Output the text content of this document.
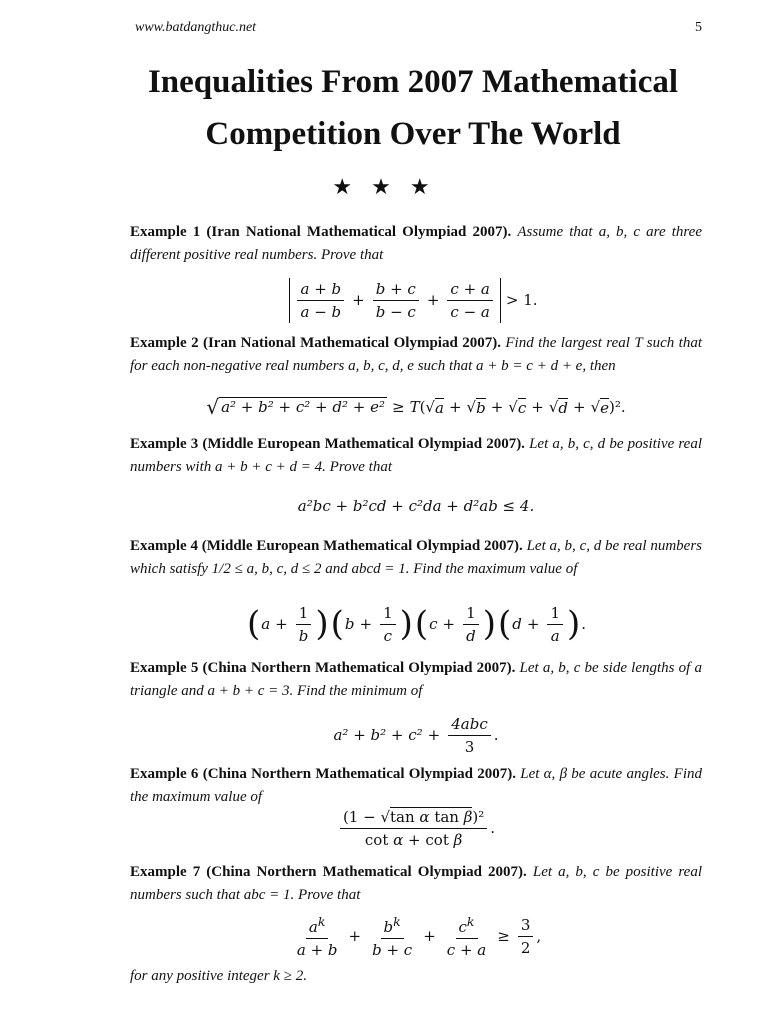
www.batdangthuc.net	5
Inequalities From 2007 Mathematical Competition Over The World
★ ★ ★
Example 1 (Iran National Mathematical Olympiad 2007). Assume that a, b, c are three different positive real numbers. Prove that
$\frac{a + b}{a - b} + \frac{b + c}{b - c} + \frac{c + a}{c - a} > 1$.
Example 2 (Iran National Mathematical Olympiad 2007). Find the largest real T such that for each non-negative real numbers a, b, c, d, e such that a + b = c + d + e, then
√ a² + b² + c² + d² + e² ≥ T (√ a + √ b + √ c + √ d + √ e )².
Example 3 (Middle European Mathematical Olympiad 2007). Let a, b, c, d be positive real numbers with a + b + c + d = 4. Prove that
a²bc + b²cd + c²da + d²ab ≤ 4.
Example 4 (Middle European Mathematical Olympiad 2007). Let a, b, c, d be real numbers which satisfy 1/2 ≤ a, b, c, d ≤ 2 and abcd = 1. Find the maximum value of
( $a + \frac{1}{b}$ ) ( $b + \frac{1}{c}$ ) ( $c + \frac{1}{d}$ ) ( $d + \frac{1}{a}$ ) .
Example 5 (China Northern Mathematical Olympiad 2007). Let a, b, c be side lengths of a triangle and a + b + c = 3. Find the minimum of
$a^2 + b^2 + c^2 + \frac{\text{4abc}}{3}$ .
Example 6 (China Northern Mathematical Olympiad 2007). Let α, β be acute angles. Find the maximum value of
$\frac{\text{(1 − √tan α tan β)²}}{\text{cot α + cot β}}$ .
Example 7 (China Northern Mathematical Olympiad 2007). Let a, b, c be positive real numbers such that abc = 1. Prove that
$\frac{a^k}{a + b} + \frac{b^k}{b + c} + \frac{c^k}{c + a} \ge \frac{3}{2}$ ,
for any positive integer k ≥ 2.
